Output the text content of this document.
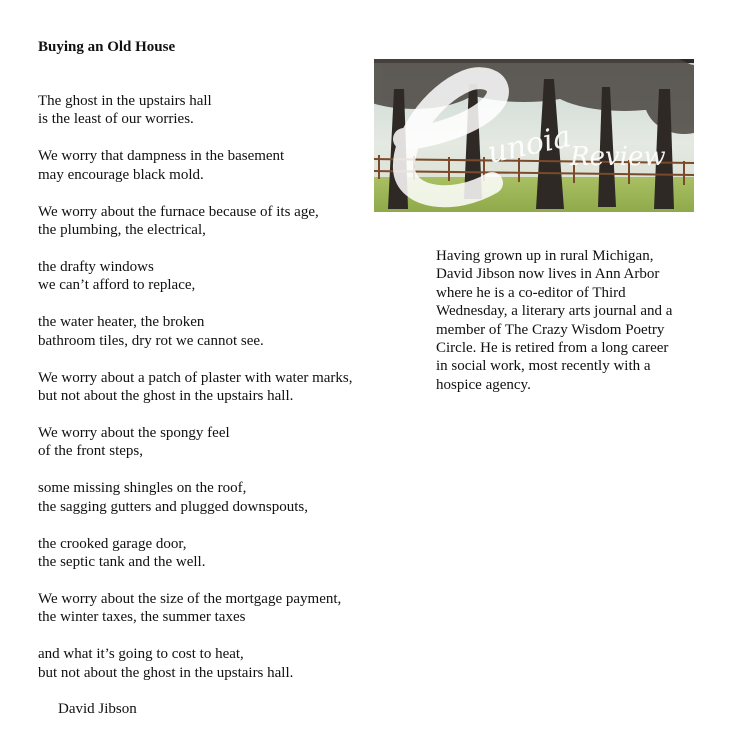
Buying an Old House
The ghost in the upstairs hall
is the least of our worries.
We worry that dampness in the basement
may encourage black mold.
We worry about the furnace because of its age,
the plumbing, the electrical,
the drafty windows
we can’t afford to replace,
the water heater, the broken
bathroom tiles, dry rot we cannot see.
We worry about a patch of plaster with water marks,
but not about the ghost in the upstairs hall.
We worry about the spongy feel
of the front steps,
some missing shingles on the roof,
the sagging gutters and plugged downspouts,
the crooked garage door,
the septic tank and the well.
We worry about the size of the mortgage payment,
the winter taxes, the summer taxes
and what it’s going to cost to heat,
but not about the ghost in the upstairs hall.
David Jibson
unoia
Review
Having grown up in rural Michigan,
David Jibson now lives in Ann Arbor
where he is a co-editor of Third
Wednesday, a literary arts journal and a
member of The Crazy Wisdom Poetry
Circle. He is retired from a long career
in social work, most recently with a
hospice agency.
